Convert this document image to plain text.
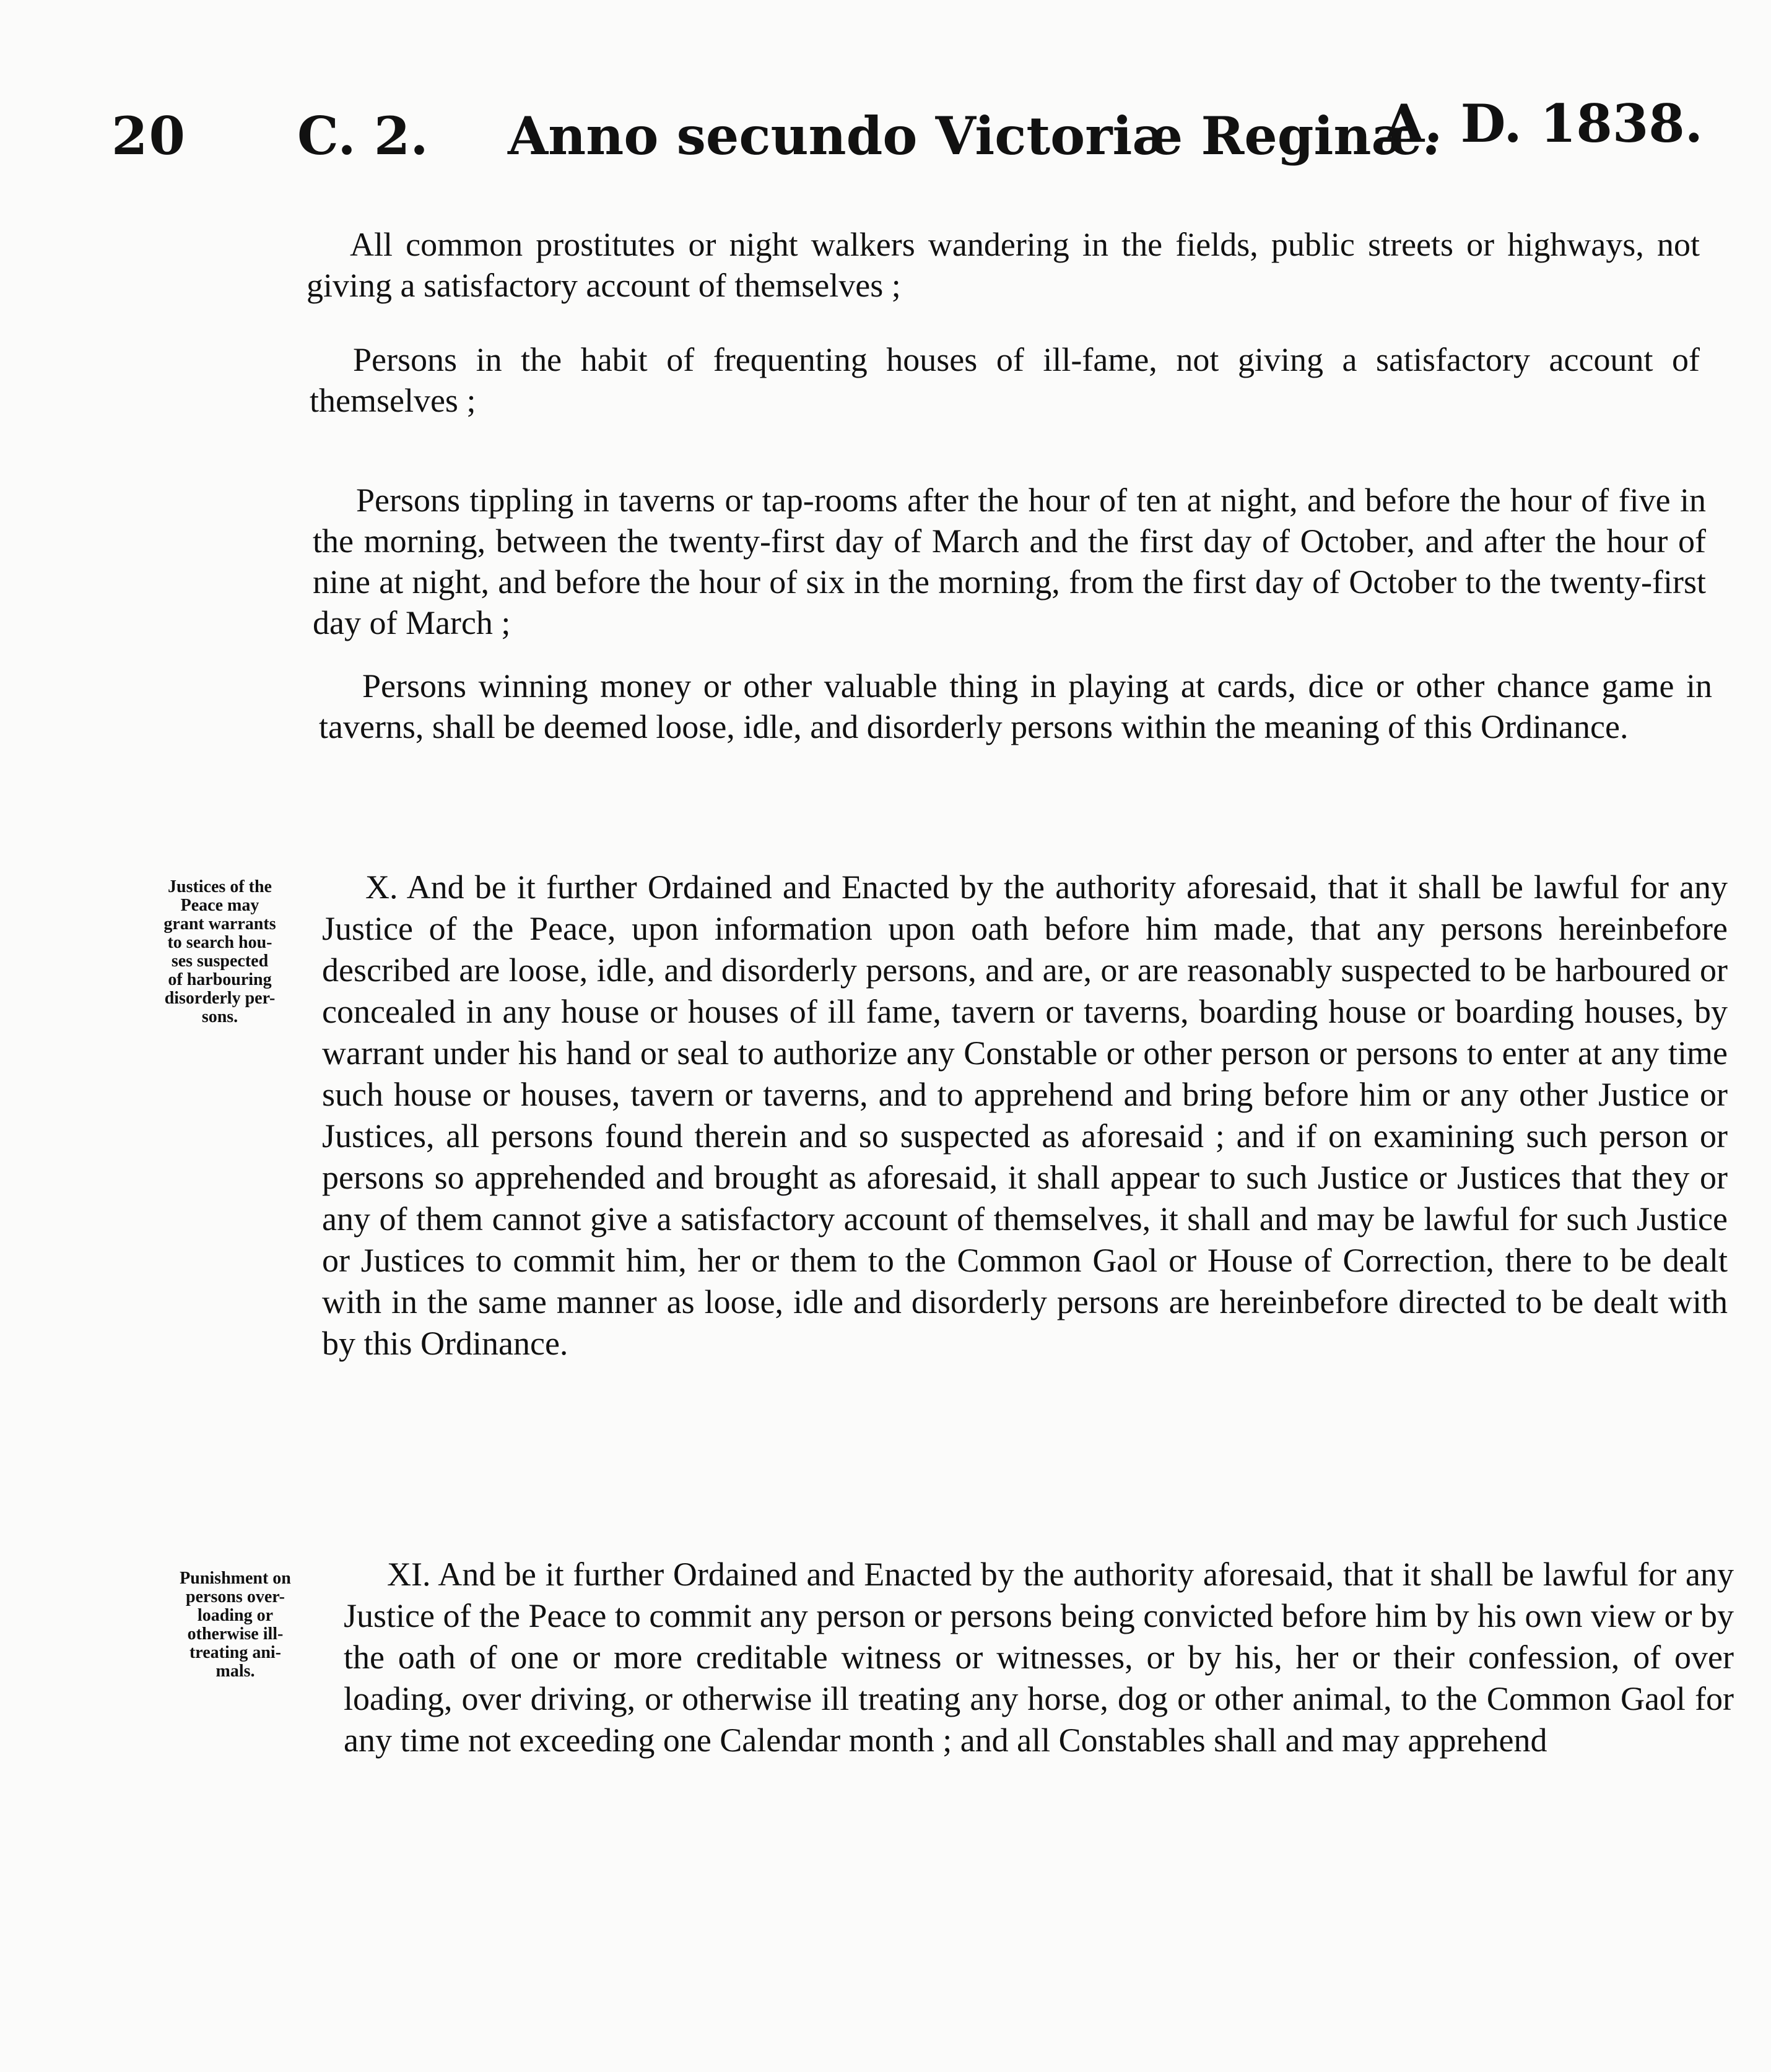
20 C. 2. Anno secundo Victoriæ Reginæ.
A. D. 1838.
All common prostitutes or night walkers wandering in the fields, public streets or highways, not giving a satisfactory account of themselves ;
Persons in the habit of frequenting houses of ill-fame, not giving a satisfactory account of themselves ;
Persons tippling in taverns or tap-rooms after the hour of ten at night, and before the hour of five in the morning, between the twenty-first day of March and the first day of October, and after the hour of nine at night, and before the hour of six in the morning, from the first day of October to the twenty-first day of March ;
Persons winning money or other valuable thing in playing at cards, dice or other chance game in taverns, shall be deemed loose, idle, and disorderly persons within the meaning of this Ordinance.
Justices of the
Peace may
grant warrants
to search hou-
ses suspected
of harbouring
disorderly per-
sons.
X. And be it further Ordained and Enacted by the authority aforesaid, that it shall be lawful for any Justice of the Peace, upon information upon oath before him made, that any persons hereinbefore described are loose, idle, and disorderly persons, and are, or are reasonably suspected to be harboured or concealed in any house or houses of ill fame, tavern or taverns, boarding house or boarding houses, by warrant under his hand or seal to authorize any Constable or other person or persons to enter at any time such house or houses, tavern or taverns, and to apprehend and bring before him or any other Justice or Justices, all persons found therein and so suspected as aforesaid ; and if on examining such person or persons so apprehended and brought as aforesaid, it shall appear to such Justice or Justices that they or any of them cannot give a satisfactory account of themselves, it shall and may be lawful for such Justice or Justices to commit him, her or them to the Common Gaol or House of Correction, there to be dealt with in the same manner as loose, idle and disorderly persons are hereinbefore directed to be dealt with by this Ordinance.
Punishment on
persons over-
loading or
otherwise ill-
treating ani-
mals.
XI. And be it further Ordained and Enacted by the authority aforesaid, that it shall be lawful for any Justice of the Peace to commit any person or persons being convicted before him by his own view or by the oath of one or more creditable witness or witnesses, or by his, her or their confession, of over loading, over driving, or otherwise ill treating any horse, dog or other animal, to the Common Gaol for any time not exceeding one Calendar month ; and all Constables shall and may apprehend
